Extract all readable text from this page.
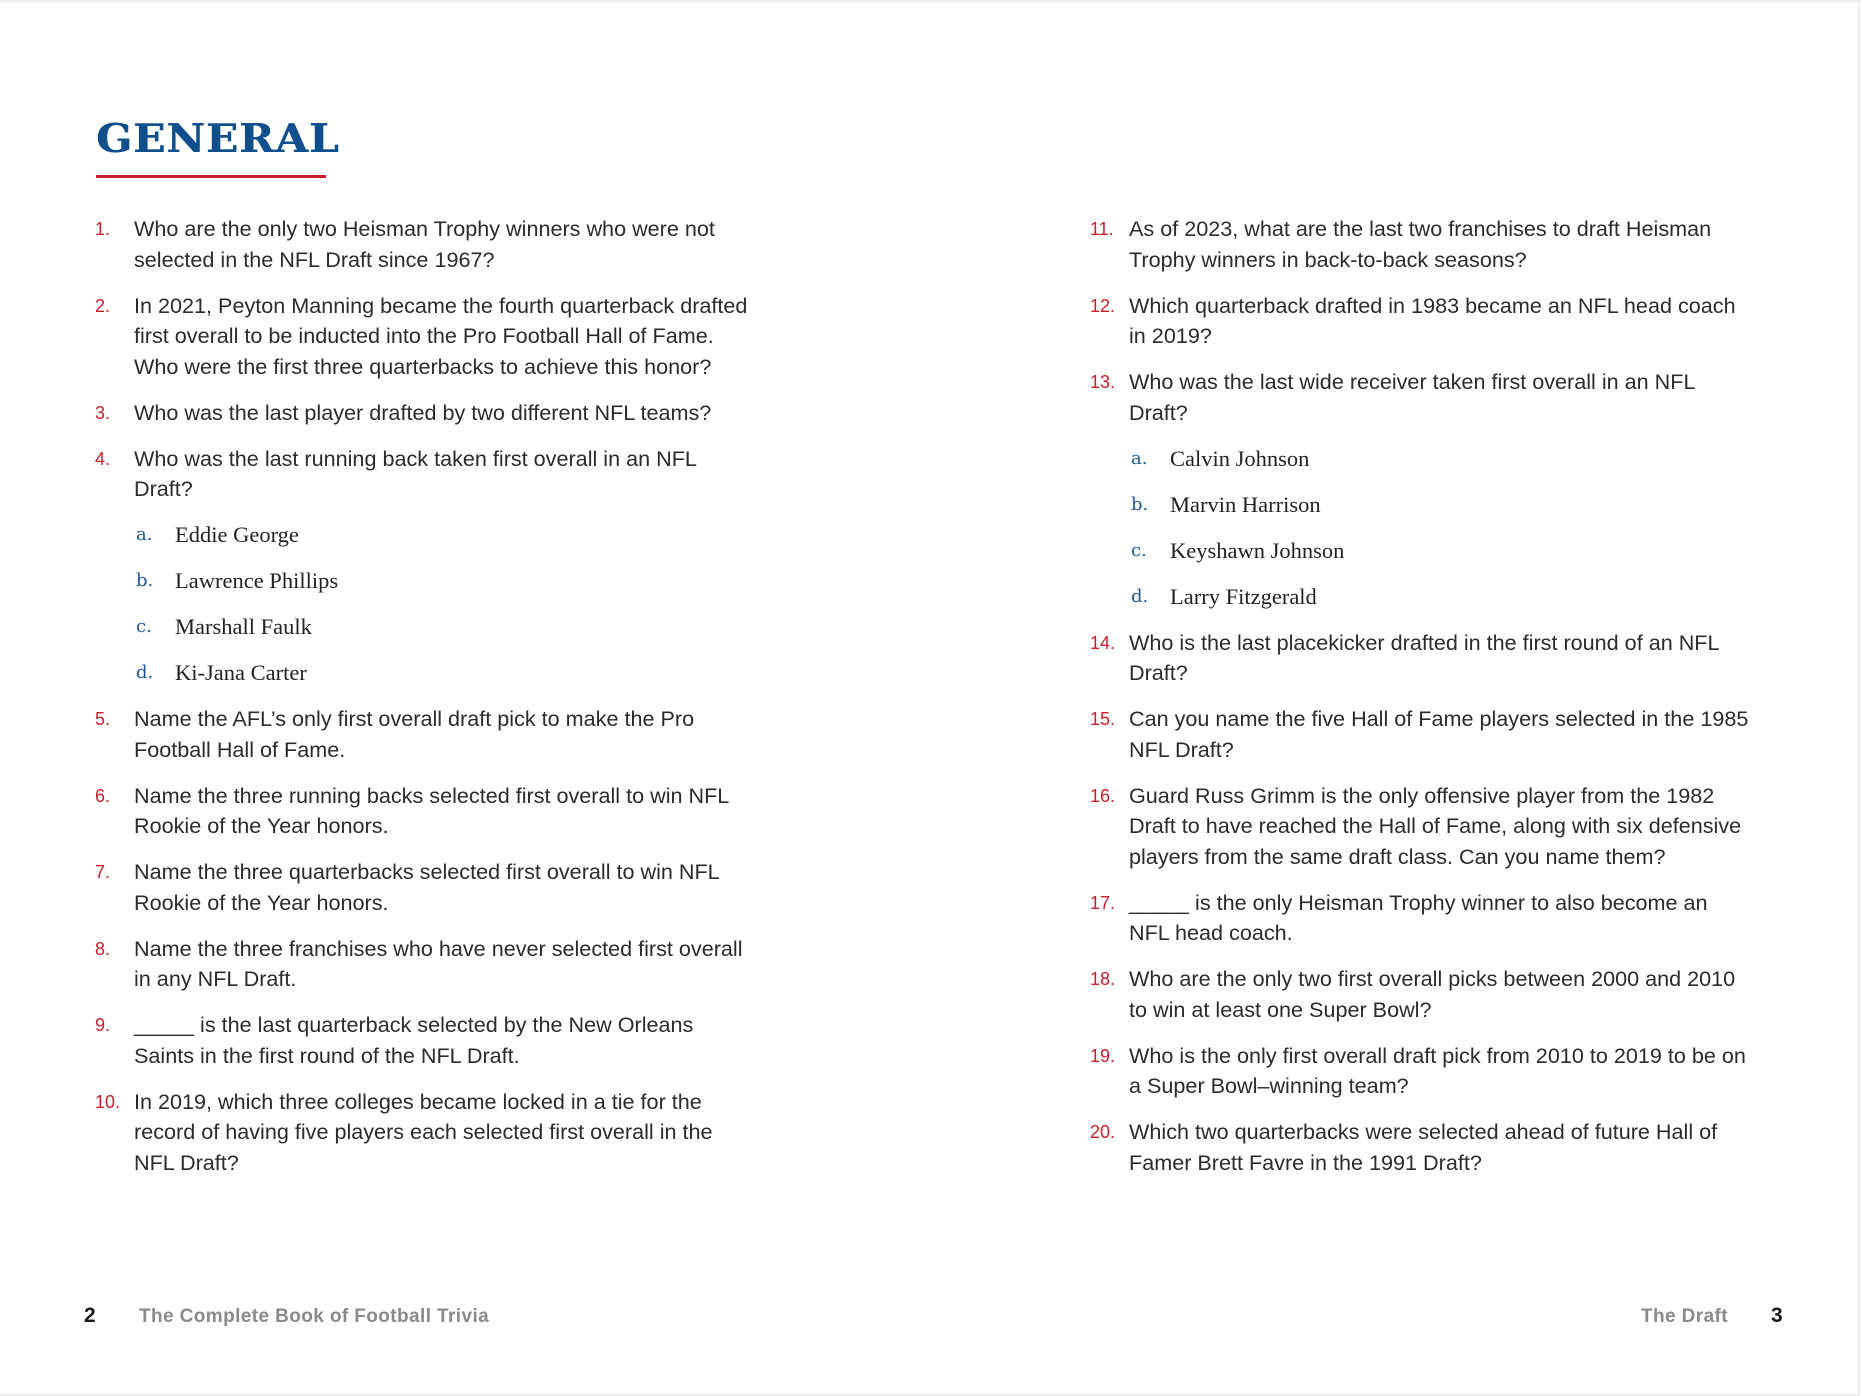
GENERAL
1.	Who are the only two Heisman Trophy winners who were not selected in the NFL Draft since 1967?
2.	In 2021, Peyton Manning became the fourth quarterback drafted first overall to be inducted into the Pro Football Hall of Fame. Who were the first three quarterbacks to achieve this honor?
3.	Who was the last player drafted by two different NFL teams?
4.	Who was the last running back taken first overall in an NFL Draft?
a.	Eddie George
b. Lawrence Phillips
c.	Marshall Faulk
d. Ki-Jana Carter
5.	Name the AFL’s only first overall draft pick to make the Pro Football Hall of Fame.
6.	Name the three running backs selected first overall to win NFL Rookie of the Year honors.
7.	Name the three quarterbacks selected first overall to win NFL Rookie of the Year honors.
8.	Name the three franchises who have never selected first overall in any NFL Draft.
9.	_____ is the last quarterback selected by the New Orleans Saints in the first round of the NFL Draft.
10. In 2019, which three colleges became locked in a tie for the record of having five players each selected first overall in the NFL Draft?
11. As of 2023, what are the last two franchises to draft Heisman Trophy winners in back-to-back seasons?
12. Which quarterback drafted in 1983 became an NFL head coach in 2019?
13. Who was the last wide receiver taken first overall in an NFL Draft?
a.	Calvin Johnson
b. Marvin Harrison
c.	Keyshawn Johnson
d. Larry Fitzgerald
14. Who is the last placekicker drafted in the first round of an NFL Draft?
15. Can you name the five Hall of Fame players selected in the 1985 NFL Draft?
16. Guard Russ Grimm is the only offensive player from the 1982 Draft to have reached the Hall of Fame, along with six defensive players from the same draft class. Can you name them?
17. _____ is the only Heisman Trophy winner to also become an NFL head coach.
18. Who are the only two first overall picks between 2000 and 2010 to win at least one Super Bowl?
19. Who is the only first overall draft pick from 2010 to 2019 to be on a Super Bowl–winning team?
20. Which two quarterbacks were selected ahead of future Hall of Famer Brett Favre in the 1991 Draft?
2 The Complete Book of Football Trivia	The Draft 3
